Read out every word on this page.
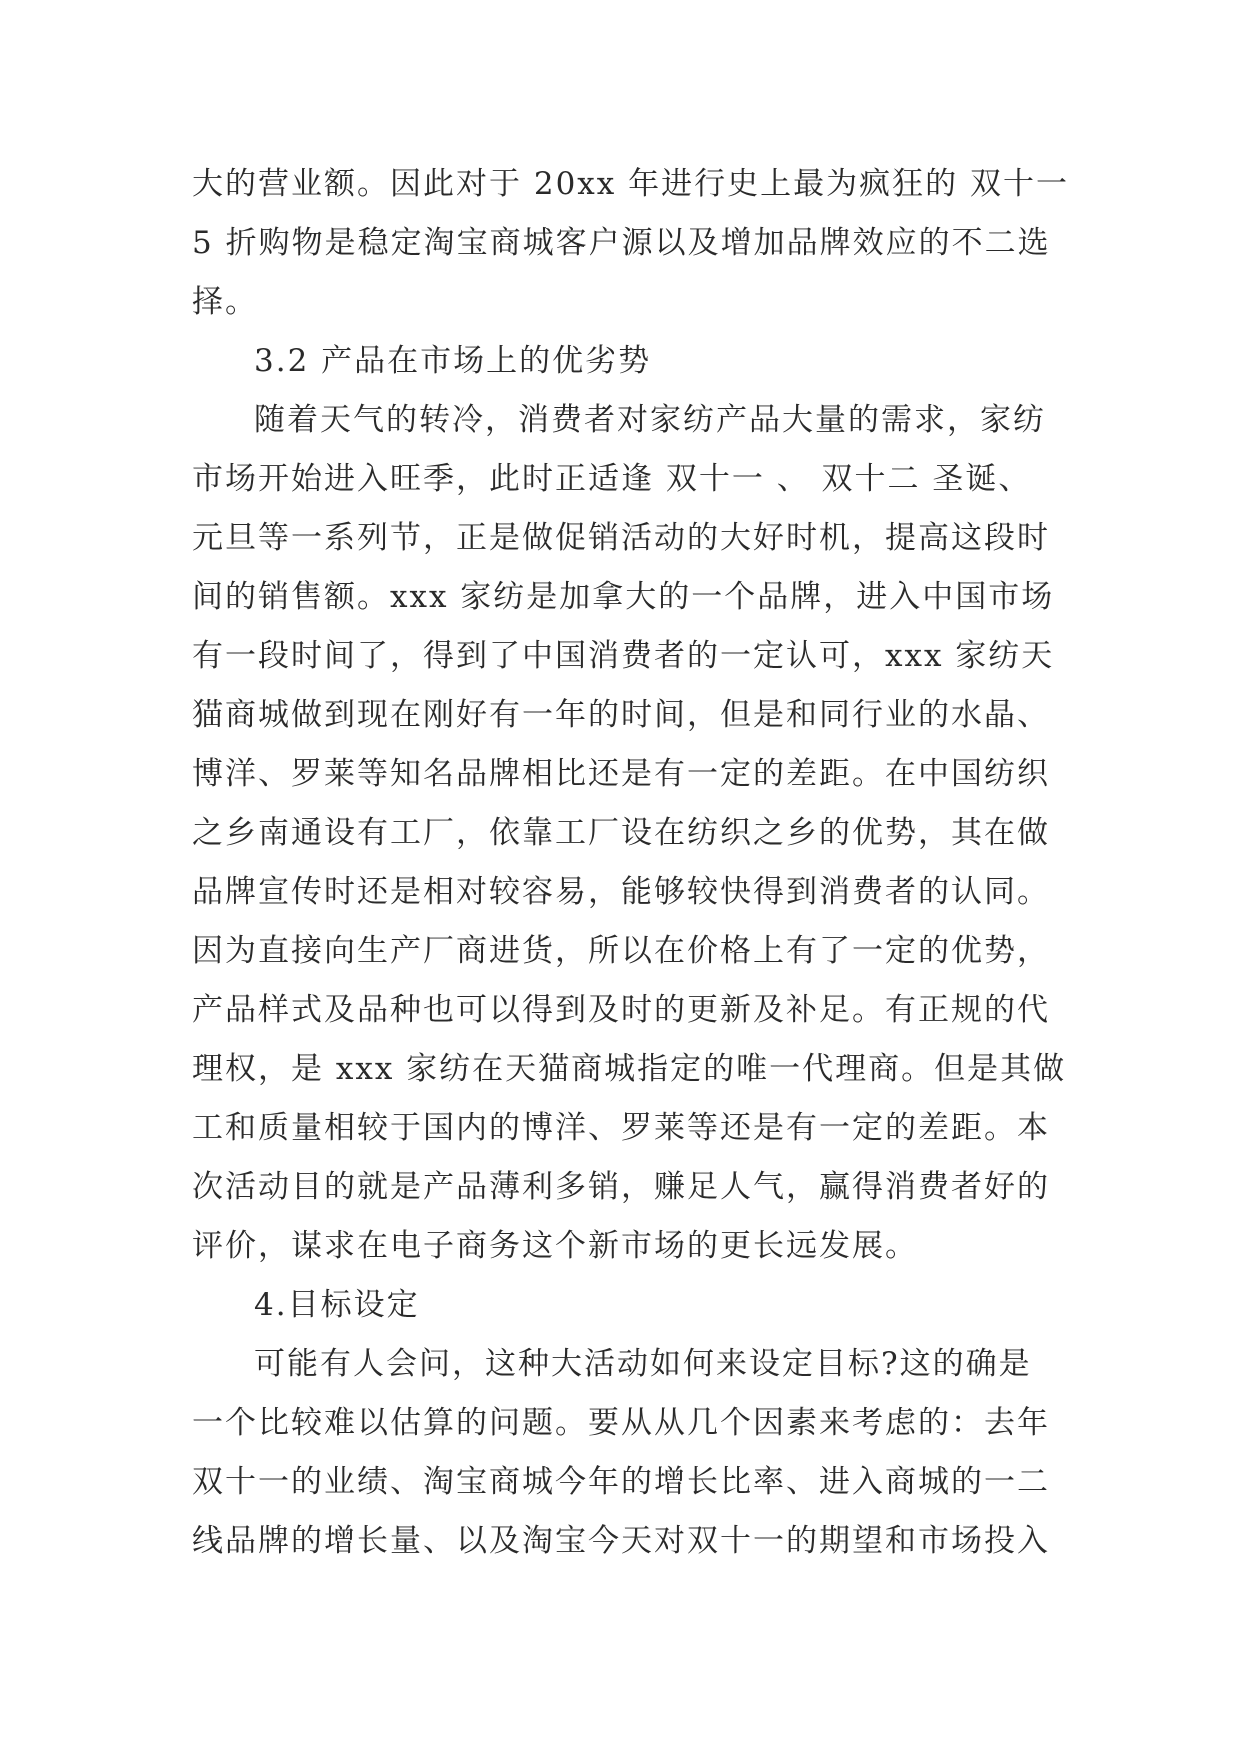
大的营业额。因此对于 20xx 年进行史上最为疯狂的 双十一
5 折购物是稳定淘宝商城客户源以及增加品牌效应的不二选
择。
3.2 产品在市场上的优劣势
随着天气的转冷，消费者对家纺产品大量的需求，家纺
市场开始进入旺季，此时正适逢 双十一 、 双十二 圣诞、
元旦等一系列节，正是做促销活动的大好时机，提高这段时
间的销售额。xxx 家纺是加拿大的一个品牌，进入中国市场
有一段时间了，得到了中国消费者的一定认可，xxx 家纺天
猫商城做到现在刚好有一年的时间，但是和同行业的水晶、
博洋、罗莱等知名品牌相比还是有一定的差距。在中国纺织
之乡南通设有工厂，依靠工厂设在纺织之乡的优势，其在做
品牌宣传时还是相对较容易，能够较快得到消费者的认同。
因为直接向生产厂商进货，所以在价格上有了一定的优势，
产品样式及品种也可以得到及时的更新及补足。有正规的代
理权，是 xxx 家纺在天猫商城指定的唯一代理商。但是其做
工和质量相较于国内的博洋、罗莱等还是有一定的差距。本
次活动目的就是产品薄利多销，赚足人气，赢得消费者好的
评价，谋求在电子商务这个新市场的更长远发展。
4.目标设定
可能有人会问，这种大活动如何来设定目标?这的确是
一个比较难以估算的问题。要从从几个因素来考虑的：去年
双十一的业绩、淘宝商城今年的增长比率、进入商城的一二
线品牌的增长量、以及淘宝今天对双十一的期望和市场投入
